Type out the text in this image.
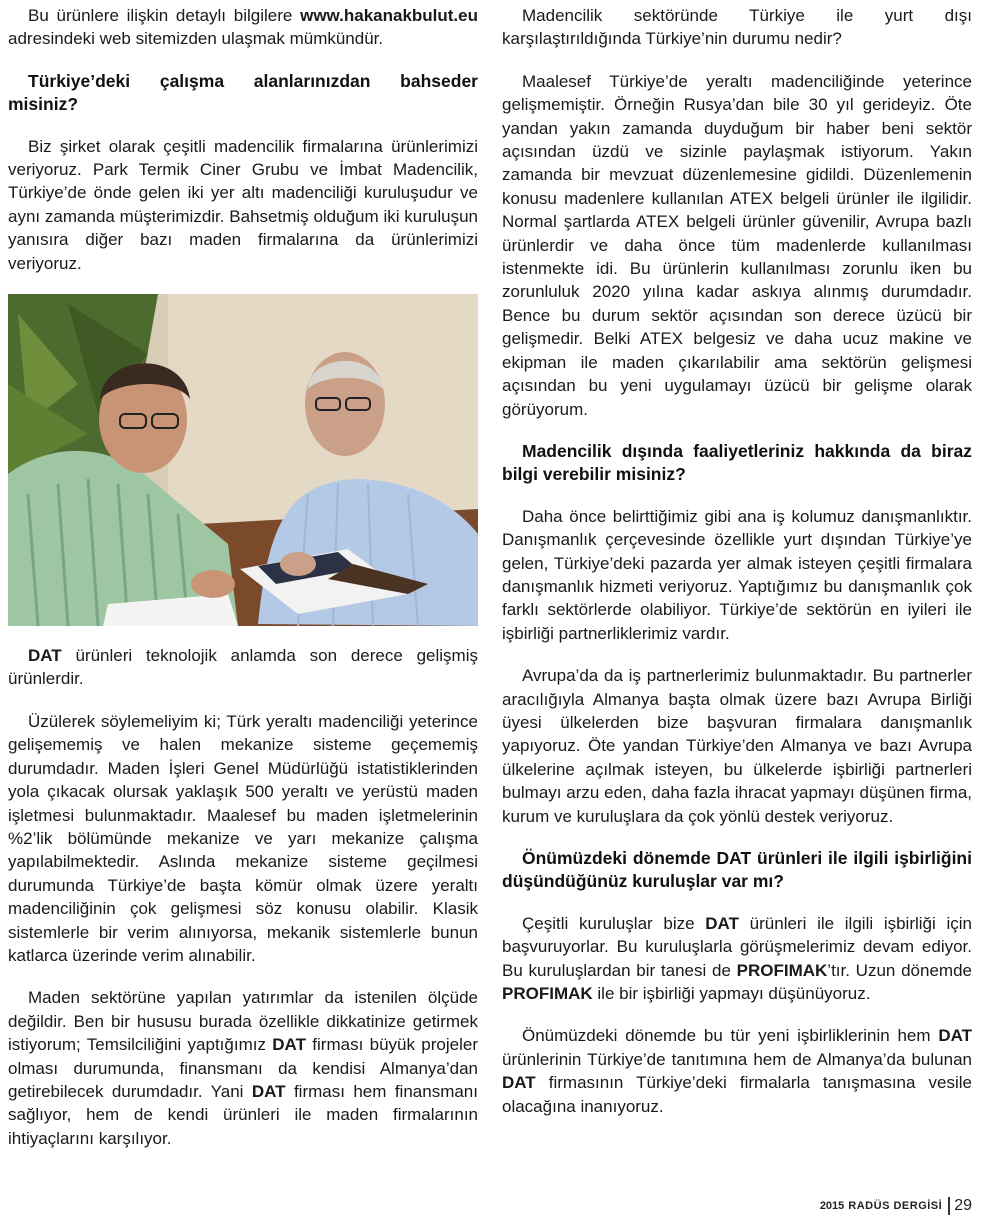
Bu ürünlere ilişkin detaylı bilgilere www.hakanakbulut.eu adresindeki web sitemizden ulaşmak mümkündür.

Türkiye’deki çalışma alanlarınızdan bahseder misiniz?

Biz şirket olarak çeşitli madencilik firmalarına ürünlerimizi veriyoruz. Park Termik Ciner Grubu ve İmbat Madencilik, Türkiye’de önde gelen iki yer altı madenciliği kuruluşudur ve aynı zamanda müşterimizdir. Bahsetmiş olduğum iki kuruluşun yanısıra diğer bazı maden firmalarına da ürünlerimizi veriyoruz.

DAT ürünleri teknolojik anlamda son derece gelişmiş ürünlerdir.

Üzülerek söylemeliyim ki; Türk yeraltı madenciliği yeterince gelişememiş ve halen mekanize sisteme geçememiş durumdadır. Maden İşleri Genel Müdürlüğü istatistiklerinden yola çıkacak olursak yaklaşık 500 yeraltı ve yerüstü maden işletmesi bulunmaktadır. Maalesef bu maden işletmelerinin %2’lik bölümünde mekanize ve yarı mekanize çalışma yapılabilmektedir. Aslında mekanize sisteme geçilmesi durumunda Türkiye’de başta kömür olmak üzere yeraltı madenciliğinin çok gelişmesi söz konusu olabilir. Klasik sistemlerle bir verim alınıyorsa, mekanik sistemlerle bunun katlarca üzerinde verim alınabilir.

Maden sektörüne yapılan yatırımlar da istenilen ölçüde değildir. Ben bir hususu burada özellikle dikkatinize getirmek istiyorum; Temsilciliğini yaptığımız DAT firması büyük projeler olması durumunda, finansmanı da kendisi Almanya’dan getirebilecek durumdadır. Yani DAT firması hem finansmanı sağlıyor, hem de kendi ürünleri ile maden firmalarının ihtiyaçlarını karşılıyor.

Madencilik sektöründe Türkiye ile yurt dışı karşılaştırıldığında Türkiye’nin durumu nedir?

Maalesef Türkiye’de yeraltı madenciliğinde yeterince gelişmemiştir. Örneğin Rusya’dan bile 30 yıl gerideyiz. Öte yandan yakın zamanda duyduğum bir haber beni sektör açısından üzdü ve sizinle paylaşmak istiyorum. Yakın zamanda bir mevzuat düzenlemesine gidildi. Düzenlemenin konusu madenlere kullanılan ATEX belgeli ürünler ile ilgilidir. Normal şartlarda ATEX belgeli ürünler güvenilir, Avrupa bazlı ürünlerdir ve daha önce tüm madenlerde kullanılması istenmekte idi. Bu ürünlerin kullanılması zorunlu iken bu zorunluluk 2020 yılına kadar askıya alınmış durumdadır. Bence bu durum sektör açısından son derece üzücü bir gelişmedir. Belki ATEX belgesiz ve daha ucuz makine ve ekipman ile maden çıkarılabilir ama sektörün gelişmesi açısından bu yeni uygulamayı üzücü bir gelişme olarak görüyorum.

Madencilik dışında faaliyetleriniz hakkında da biraz bilgi verebilir misiniz?

Daha önce belirttiğimiz gibi ana iş kolumuz danışmanlıktır. Danışmanlık çerçevesinde özellikle yurt dışından Türkiye’ye gelen, Türkiye’deki pazarda yer almak isteyen çeşitli firmalara danışmanlık hizmeti veriyoruz. Yaptığımız bu danışmanlık çok farklı sektörlerde olabiliyor. Türkiye’de sektörün en iyileri ile işbirliği partnerliklerimiz vardır.

Avrupa’da da iş partnerlerimiz bulunmaktadır. Bu partnerler aracılığıyla Almanya başta olmak üzere bazı Avrupa Birliği üyesi ülkelerden bize başvuran firmalara danışmanlık yapıyoruz. Öte yandan Türkiye’den Almanya ve bazı Avrupa ülkelerine açılmak isteyen, bu ülkelerde işbirliği partnerleri bulmayı arzu eden, daha fazla ihracat yapmayı düşünen firma, kurum ve kuruluşlara da çok yönlü destek veriyoruz.

Önümüzdeki dönemde DAT ürünleri ile ilgili işbirliğini düşündüğünüz kuruluşlar var mı?

Çeşitli kuruluşlar bize DAT ürünleri ile ilgili işbirliği için başvuruyorlar. Bu kuruluşlarla görüşmelerimiz devam ediyor. Bu kuruluşlardan bir tanesi de PROFIMAK’tır. Uzun dönemde PROFIMAK ile bir işbirliği yapmayı düşünüyoruz.

Önümüzdeki dönemde bu tür yeni işbirliklerinin hem DAT ürünlerinin Türkiye’de tanıtımına hem de Almanya’da bulunan DAT firmasının Türkiye’deki firmalarla tanışmasına vesile olacağına inanıyoruz.

2015 RADÜS DERGİSİ 29
